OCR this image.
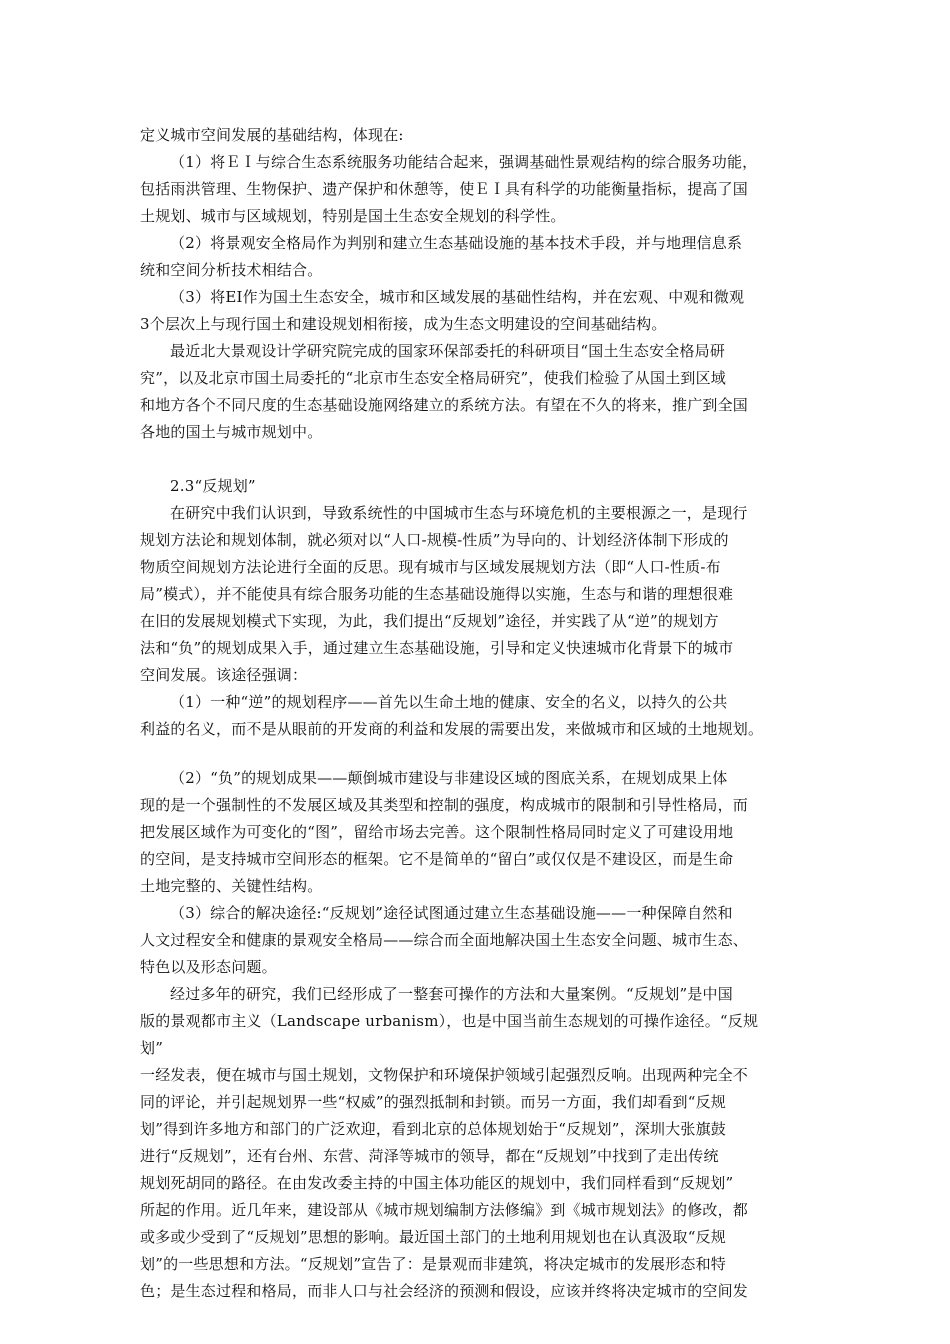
定义城市空间发展的基础结构，体现在:
（1）将ＥＩ与综合生态系统服务功能结合起来，强调基础性景观结构的综合服务功能，
包括雨洪管理、生物保护、遗产保护和休憩等，使ＥＩ具有科学的功能衡量指标，提高了国
土规划、城市与区域规划，特别是国土生态安全规划的科学性。
（2）将景观安全格局作为判别和建立生态基础设施的基本技术手段，并与地理信息系
统和空间分析技术相结合。
（3）将EI作为国土生态安全，城市和区域发展的基础性结构，并在宏观、中观和微观
3个层次上与现行国土和建设规划相衔接，成为生态文明建设的空间基础结构。
最近北大景观设计学研究院完成的国家环保部委托的科研项目“国土生态安全格局研
究”，以及北京市国土局委托的“北京市生态安全格局研究”，使我们检验了从国土到区域
和地方各个不同尺度的生态基础设施网络建立的系统方法。有望在不久的将来，推广到全国
各地的国土与城市规划中。
2.3“反规划”
在研究中我们认识到，导致系统性的中国城市生态与环境危机的主要根源之一，是现行
规划方法论和规划体制，就必须对以“人口-规模-性质”为导向的、计划经济体制下形成的
物质空间规划方法论进行全面的反思。现有城市与区域发展规划方法（即“人口-性质-布
局”模式），并不能使具有综合服务功能的生态基础设施得以实施，生态与和谐的理想很难
在旧的发展规划模式下实现，为此，我们提出“反规划”途径，并实践了从“逆”的规划方
法和“负”的规划成果入手，通过建立生态基础设施，引导和定义快速城市化背景下的城市
空间发展。该途径强调：
（1）一种“逆”的规划程序——首先以生命土地的健康、安全的名义，以持久的公共
利益的名义，而不是从眼前的开发商的利益和发展的需要出发，来做城市和区域的土地规划。
（2）“负”的规划成果——颠倒城市建设与非建设区域的图底关系，在规划成果上体
现的是一个强制性的不发展区域及其类型和控制的强度，构成城市的限制和引导性格局，而
把发展区域作为可变化的“图”，留给市场去完善。这个限制性格局同时定义了可建设用地
的空间，是支持城市空间形态的框架。它不是简单的“留白”或仅仅是不建设区，而是生命
土地完整的、关键性结构。
（3）综合的解决途径:“反规划”途径试图通过建立生态基础设施——一种保障自然和
人文过程安全和健康的景观安全格局——综合而全面地解决国土生态安全问题、城市生态、
特色以及形态问题。
经过多年的研究，我们已经形成了一整套可操作的方法和大量案例。“反规划”是中国
版的景观都市主义（Landscape urbanism），也是中国当前生态规划的可操作途径。“反规
划”
一经发表，便在城市与国土规划，文物保护和环境保护领域引起强烈反响。出现两种完全不
同的评论，并引起规划界一些“权威”的强烈抵制和封锁。而另一方面，我们却看到“反规
划”得到许多地方和部门的广泛欢迎，看到北京的总体规划始于“反规划”，深圳大张旗鼓
进行“反规划”，还有台州、东营、菏泽等城市的领导，都在“反规划”中找到了走出传统
规划死胡同的路径。在由发改委主持的中国主体功能区的规划中，我们同样看到“反规划”
所起的作用。近几年来，建设部从《城市规划编制方法修编》到《城市规划法》的修改，都
或多或少受到了“反规划”思想的影响。最近国土部门的土地利用规划也在认真汲取“反规
划”的一些思想和方法。“反规划”宣告了：是景观而非建筑，将决定城市的发展形态和特
色；是生态过程和格局，而非人口与社会经济的预测和假设，应该并终将决定城市的空间发
